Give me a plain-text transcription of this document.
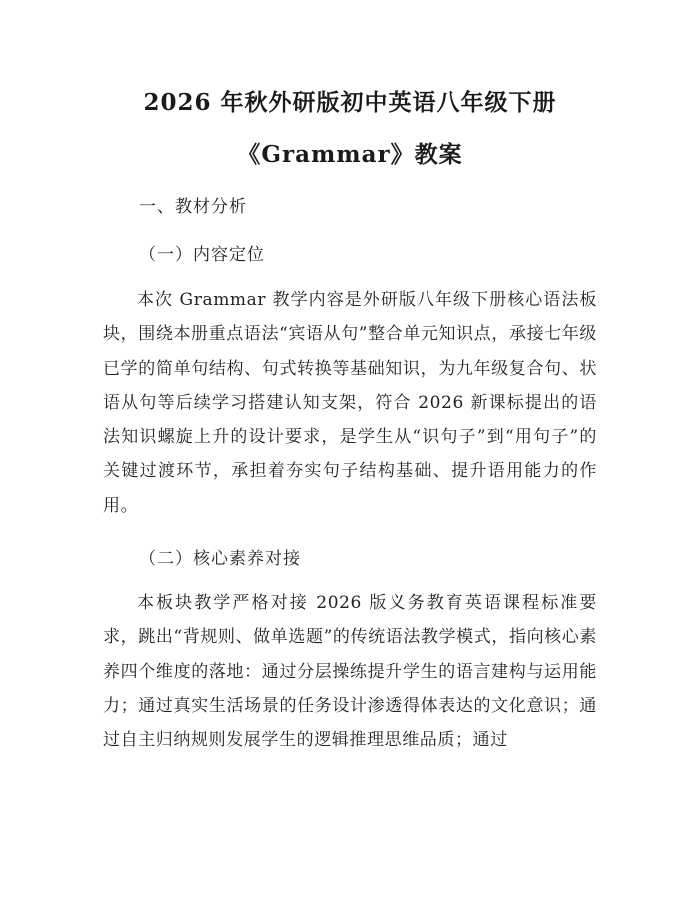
2026 年秋外研版初中英语八年级下册
《Grammar》教案
一、教材分析
（一）内容定位
本次 Grammar 教学内容是外研版八年级下册核心语法板块，围绕本册重点语法“宾语从句”整合单元知识点，承接七年级已学的简单句结构、句式转换等基础知识，为九年级复合句、状语从句等后续学习搭建认知支架，符合 2026 新课标提出的语法知识螺旋上升的设计要求，是学生从“识句子”到“用句子”的关键过渡环节，承担着夯实句子结构基础、提升语用能力的作用。
（二）核心素养对接
本板块教学严格对接 2026 版义务教育英语课程标准要求，跳出“背规则、做单选题”的传统语法教学模式，指向核心素养四个维度的落地：通过分层操练提升学生的语言建构与运用能力；通过真实生活场景的任务设计渗透得体表达的文化意识；通过自主归纳规则发展学生的逻辑推理思维品质；通过
